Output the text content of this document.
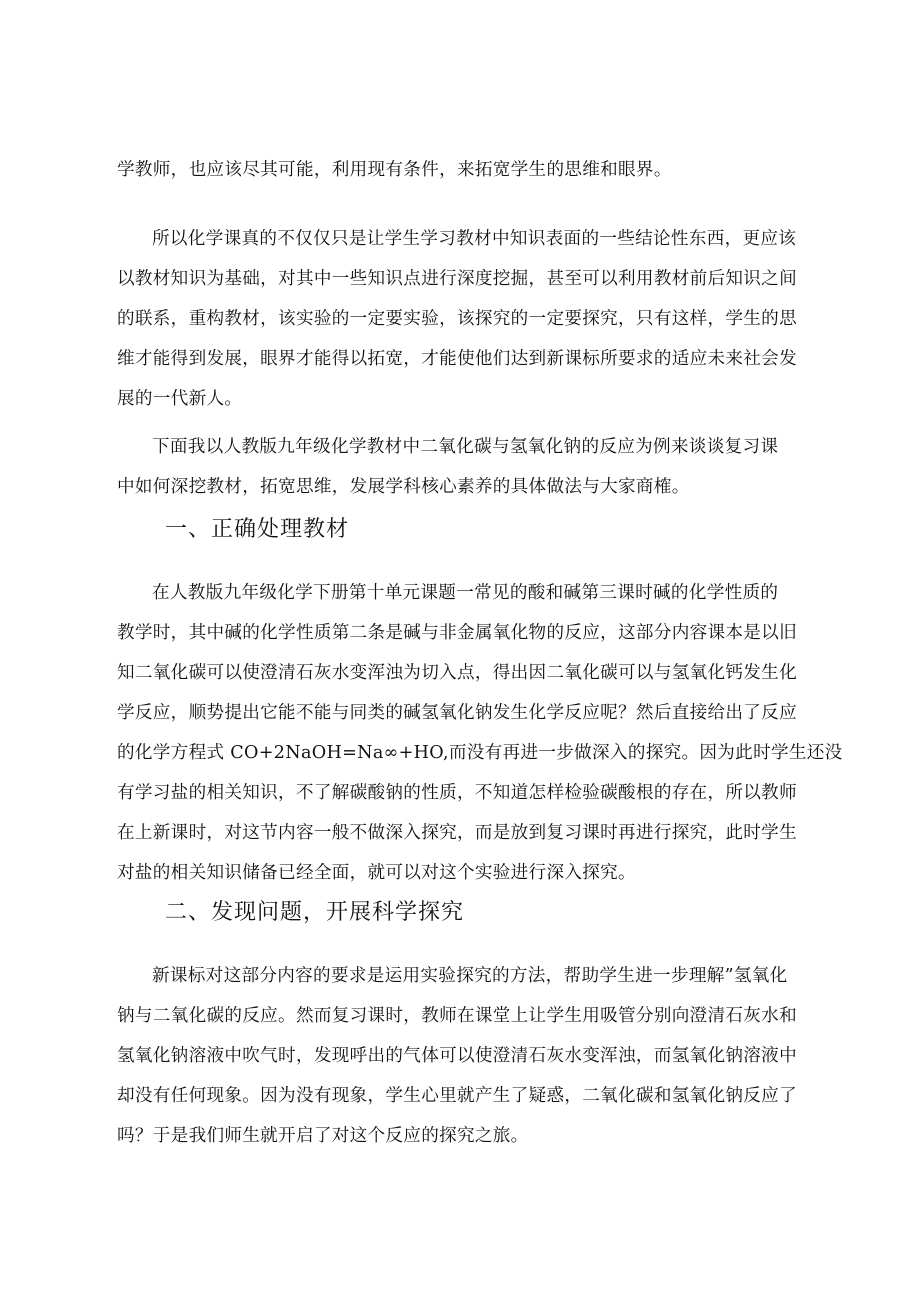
学教师，也应该尽其可能，利用现有条件，来拓宽学生的思维和眼界。
所以化学课真的不仅仅只是让学生学习教材中知识表面的一些结论性东西，更应该
以教材知识为基础，对其中一些知识点进行深度挖掘，甚至可以利用教材前后知识之间
的联系，重构教材，该实验的一定要实验，该探究的一定要探究，只有这样，学生的思
维才能得到发展，眼界才能得以拓宽，才能使他们达到新课标所要求的适应未来社会发
展的一代新人。
下面我以人教版九年级化学教材中二氧化碳与氢氧化钠的反应为例来谈谈复习课
中如何深挖教材，拓宽思维，发展学科核心素养的具体做法与大家商榷。
一、正确处理教材
在人教版九年级化学下册第十单元课题一常见的酸和碱第三课时碱的化学性质的
教学时，其中碱的化学性质第二条是碱与非金属氧化物的反应，这部分内容课本是以旧
知二氧化碳可以使澄清石灰水变浑浊为切入点，得出因二氧化碳可以与氢氧化钙发生化
学反应，顺势提出它能不能与同类的碱氢氧化钠发生化学反应呢？然后直接给出了反应
的化学方程式 CO+2NaOH=Na∞+HO,而没有再进一步做深入的探究。因为此时学生还没
有学习盐的相关知识，不了解碳酸钠的性质，不知道怎样检验碳酸根的存在，所以教师
在上新课时，对这节内容一般不做深入探究，而是放到复习课时再进行探究，此时学生
对盐的相关知识储备已经全面，就可以对这个实验进行深入探究。
二、发现问题，开展科学探究
新课标对这部分内容的要求是运用实验探究的方法，帮助学生进一步理解”氢氧化
钠与二氧化碳的反应。然而复习课时，教师在课堂上让学生用吸管分别向澄清石灰水和
氢氧化钠溶液中吹气时，发现呼出的气体可以使澄清石灰水变浑浊，而氢氧化钠溶液中
却没有任何现象。因为没有现象，学生心里就产生了疑惑，二氧化碳和氢氧化钠反应了
吗？于是我们师生就开启了对这个反应的探究之旅。
